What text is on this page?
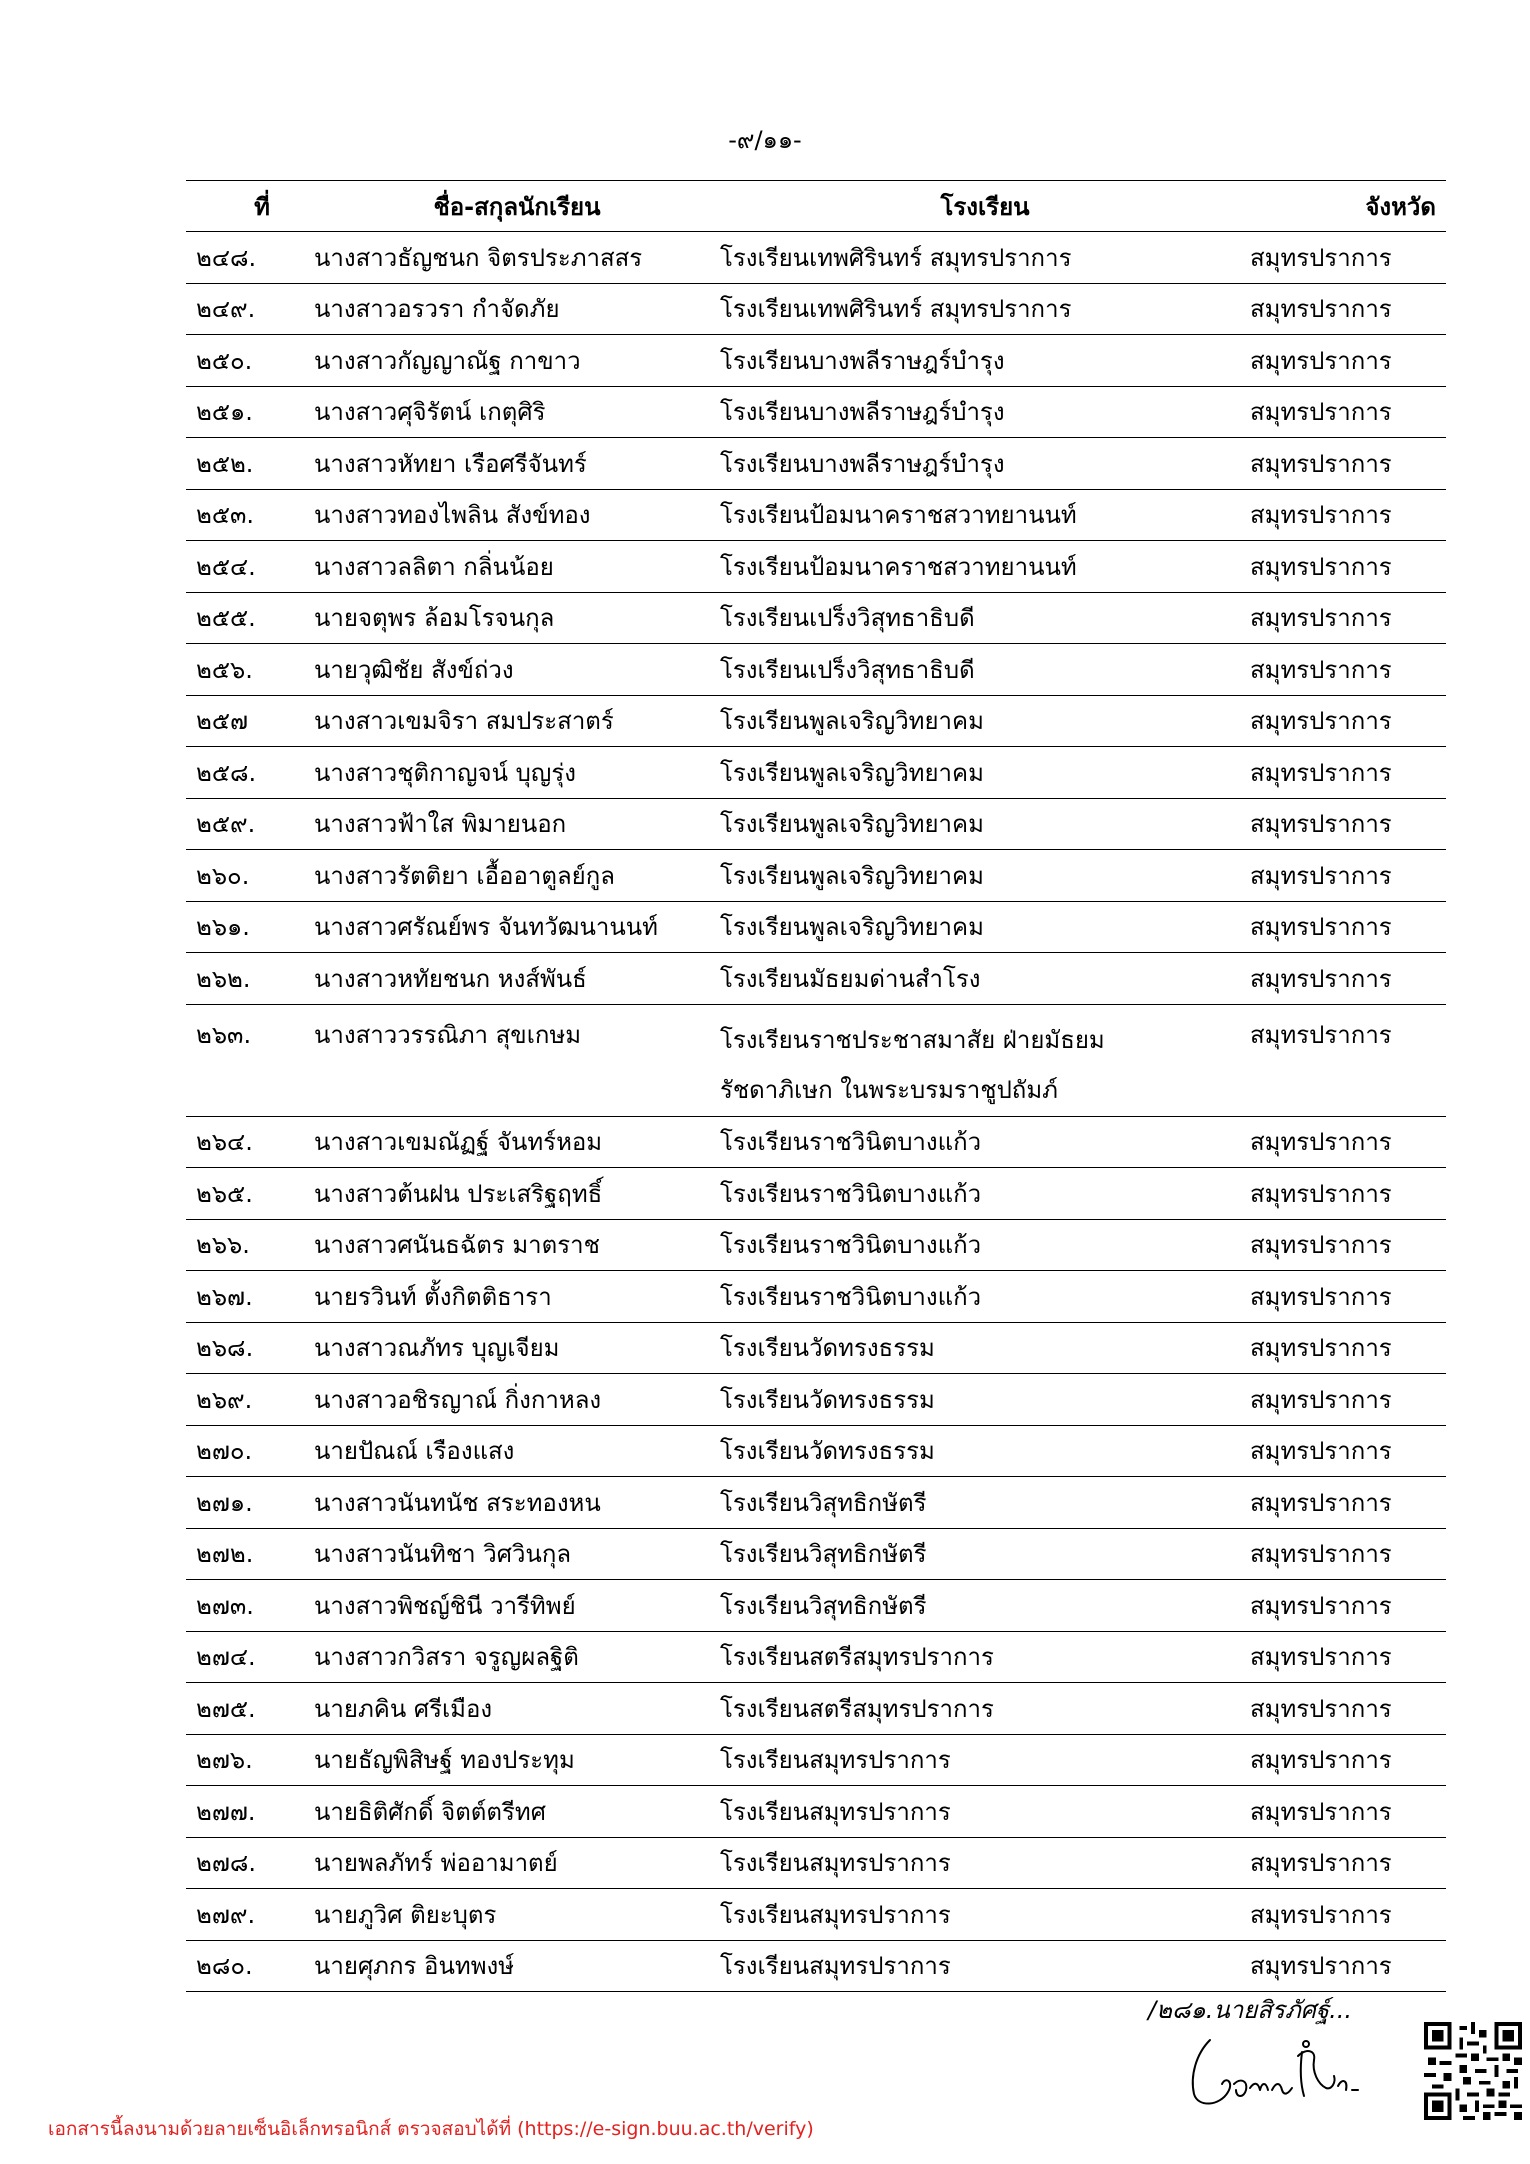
-๙/๑๑-
ที่	ชื่อ-สกุลนักเรียน	โรงเรียน	จังหวัด
๒๔๘.	นางสาวธัญชนก จิตรประภาสสร	โรงเรียนเทพศิรินทร์ สมุทรปราการ	สมุทรปราการ
๒๔๙.	นางสาวอรวรา กำจัดภัย	โรงเรียนเทพศิรินทร์ สมุทรปราการ	สมุทรปราการ
๒๕๐.	นางสาวกัญญาณัฐ กาขาว	โรงเรียนบางพลีราษฎร์บำรุง	สมุทรปราการ
๒๕๑.	นางสาวศุจิรัตน์ เกตุศิริ	โรงเรียนบางพลีราษฎร์บำรุง	สมุทรปราการ
๒๕๒.	นางสาวหัทยา เรือศรีจันทร์	โรงเรียนบางพลีราษฎร์บำรุง	สมุทรปราการ
๒๕๓.	นางสาวทองไพลิน สังข์ทอง	โรงเรียนป้อมนาคราชสวาทยานนท์	สมุทรปราการ
๒๕๔.	นางสาวลลิตา กลิ่นน้อย	โรงเรียนป้อมนาคราชสวาทยานนท์	สมุทรปราการ
๒๕๕.	นายจตุพร ล้อมโรจนกุล	โรงเรียนเปร็งวิสุทธาธิบดี	สมุทรปราการ
๒๕๖.	นายวุฒิชัย สังข์ถ่วง	โรงเรียนเปร็งวิสุทธาธิบดี	สมุทรปราการ
๒๕๗	นางสาวเขมจิรา สมประสาตร์	โรงเรียนพูลเจริญวิทยาคม	สมุทรปราการ
๒๕๘.	นางสาวชุติกาญจน์ บุญรุ่ง	โรงเรียนพูลเจริญวิทยาคม	สมุทรปราการ
๒๕๙.	นางสาวฟ้าใส พิมายนอก	โรงเรียนพูลเจริญวิทยาคม	สมุทรปราการ
๒๖๐.	นางสาวรัตติยา เอื้ออาตูลย์กูล	โรงเรียนพูลเจริญวิทยาคม	สมุทรปราการ
๒๖๑.	นางสาวศรัณย์พร จันทวัฒนานนท์	โรงเรียนพูลเจริญวิทยาคม	สมุทรปราการ
๒๖๒.	นางสาวหทัยชนก หงส์พันธ์	โรงเรียนมัธยมด่านสำโรง	สมุทรปราการ
๒๖๓.	นางสาววรรณิภา สุขเกษม	โรงเรียนราชประชาสมาสัย ฝ่ายมัธยม
รัชดาภิเษก ในพระบรมราชูปถัมภ์	สมุทรปราการ
๒๖๔.	นางสาวเขมณัฏฐ์ จันทร์หอม	โรงเรียนราชวินิตบางแก้ว	สมุทรปราการ
๒๖๕.	นางสาวต้นฝน ประเสริฐฤทธิ์	โรงเรียนราชวินิตบางแก้ว	สมุทรปราการ
๒๖๖.	นางสาวศนันธฉัตร มาตราช	โรงเรียนราชวินิตบางแก้ว	สมุทรปราการ
๒๖๗.	นายรวินท์ ตั้งกิตติธารา	โรงเรียนราชวินิตบางแก้ว	สมุทรปราการ
๒๖๘.	นางสาวณภัทร บุญเจียม	โรงเรียนวัดทรงธรรม	สมุทรปราการ
๒๖๙.	นางสาวอชิรญาณ์ กิ่งกาหลง	โรงเรียนวัดทรงธรรม	สมุทรปราการ
๒๗๐.	นายปัณณ์ เรืองแสง	โรงเรียนวัดทรงธรรม	สมุทรปราการ
๒๗๑.	นางสาวนันทนัช สระทองหน	โรงเรียนวิสุทธิกษัตรี	สมุทรปราการ
๒๗๒.	นางสาวนันทิชา วิศวินกุล	โรงเรียนวิสุทธิกษัตรี	สมุทรปราการ
๒๗๓.	นางสาวพิชญ์ชินี วารีทิพย์	โรงเรียนวิสุทธิกษัตรี	สมุทรปราการ
๒๗๔.	นางสาวกวิสรา จรูญผลฐิติ	โรงเรียนสตรีสมุทรปราการ	สมุทรปราการ
๒๗๕.	นายภคิน ศรีเมือง	โรงเรียนสตรีสมุทรปราการ	สมุทรปราการ
๒๗๖.	นายธัญพิสิษฐ์ ทองประทุม	โรงเรียนสมุทรปราการ	สมุทรปราการ
๒๗๗.	นายธิติศักดิ์ จิตต์ตรีทศ	โรงเรียนสมุทรปราการ	สมุทรปราการ
๒๗๘.	นายพลภัทร์ พ่ออามาตย์	โรงเรียนสมุทรปราการ	สมุทรปราการ
๒๗๙.	นายภูวิศ ติยะบุตร	โรงเรียนสมุทรปราการ	สมุทรปราการ
๒๘๐.	นายศุภกร อินทพงษ์	โรงเรียนสมุทรปราการ	สมุทรปราการ
/๒๘๑.นายสิรภัศฐ์...
เอกสารนี้ลงนามด้วยลายเซ็นอิเล็กทรอนิกส์ ตรวจสอบได้ที่ (https://e-sign.buu.ac.th/verify)
